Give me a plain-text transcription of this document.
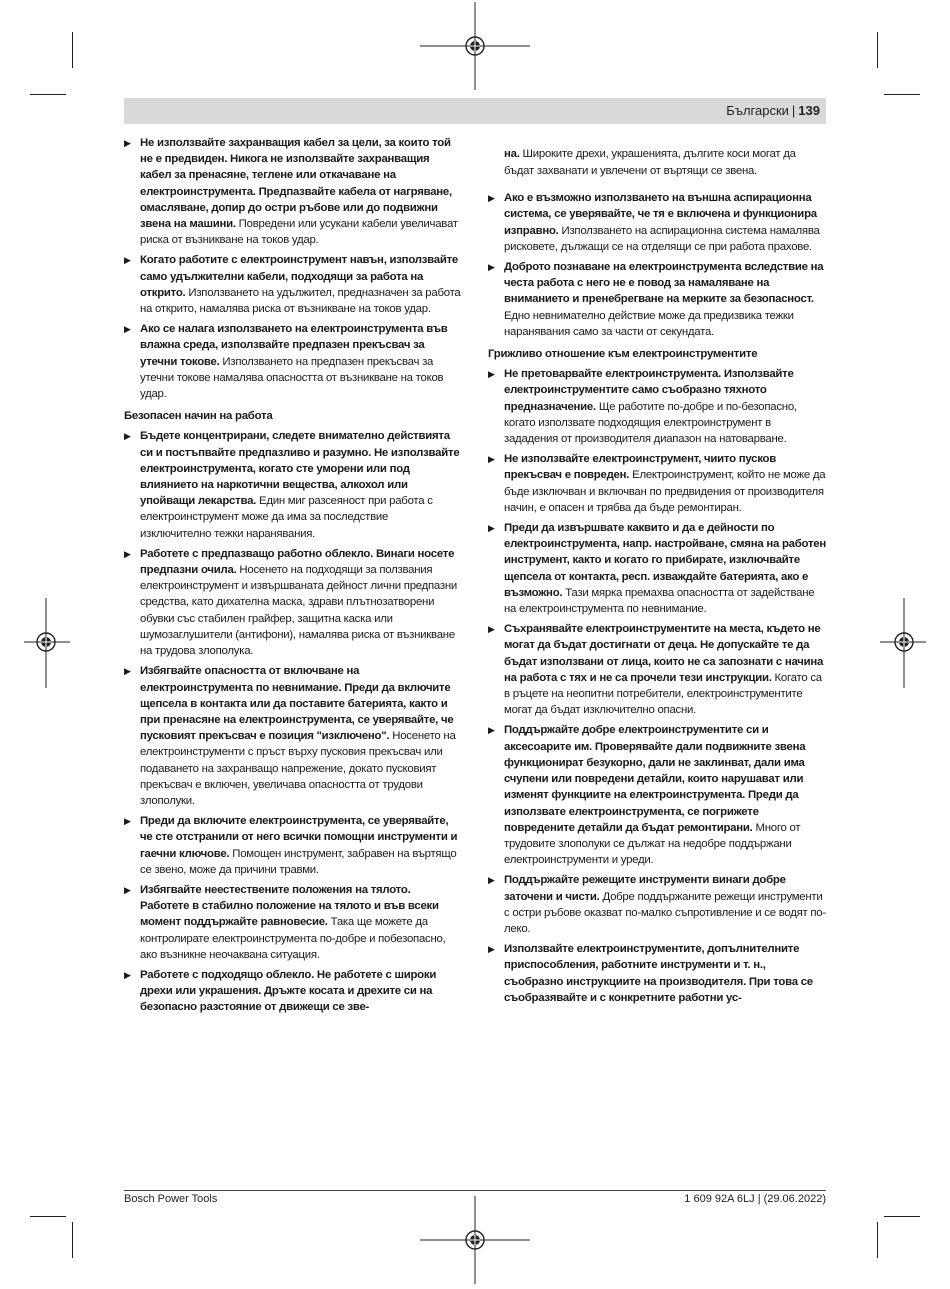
Български | 139
▶ Не използвайте захранващия кабел за цели, за които той не е предвиден. Никога не използвайте захранващия кабел за пренасяне, теглене или откачаване на електроинструмента. Предпазвайте кабела от нагряване, омасляване, допир до остри ръбове или до подвижни звена на машини. Повредени или усукани кабели увеличават риска от възникване на токов удар.

▶ Когато работите с електроинструмент навън, използвайте само удължителни кабели, подходящи за работа на открито. Използването на удължител, предназначен за работа на открито, намалява риска от възникване на токов удар.

▶ Ако се налага използването на електроинструмента във влажна среда, използвайте предпазен прекъсвач за утечни токове. Използването на предпазен прекъсвач за утечни токове намалява опасността от възникване на токов удар.

Безопасен начин на работа
▶ Бъдете концентрирани, следете внимателно действията си и постъпвайте предпазливо и разумно. Не използвайте електроинструмента, когато сте уморени или под влиянието на наркотични вещества, алкохол или упойващи лекарства. Един миг разсеяност при работа с електроинструмент може да има за последствие изключително тежки наранявания.

▶ Работете с предпазващо работно облекло. Винаги носете предпазни очила. Носенето на подходящи за ползвания електроинструмент и извършваната дейност лични предпазни средства, като дихателна маска, здрави плътнозатворени обувки със стабилен грайфер, защитна каска или шумозаглушители (антифони), намалява риска от възникване на трудова злополука.

▶ Избягвайте опасността от включване на електроинструмента по невнимание. Преди да включите щепсела в контакта или да поставите батерията, както и при пренасяне на електроинструмента, се уверявайте, че пусковият прекъсвач е позиция "изключено". Носенето на електроинструменти с пръст върху пусковия прекъсвач или подаването на захранващо напрежение, докато пусковият прекъсвач е включен, увеличава опасността от трудови злополуки.

▶ Преди да включите електроинструмента, се уверявайте, че сте отстранили от него всички помощни инструменти и гаечни ключове. Помощен инструмент, забравен на въртящо се звено, може да причини травми.

▶ Избягвайте неестествените положения на тялото. Работете в стабилно положение на тялото и във всеки момент поддържайте равновесие. Така ще можете да контролирате електроинструмента по-добре и побезопасно, ако възникне неочаквана ситуация.

▶ Работете с подходящо облекло. Не работете с широки дрехи или украшения. Дръжте косата и дрехите си на безопасно разстояние от движещи се зве-

на. Широките дрехи, украшенията, дългите коси могат да бъдат захванати и увлечени от въртящи се звена.

▶ Ако е възможно използването на външна аспирационна система, се уверявайте, че тя е включена и функционира изправно. Използването на аспирационна система намалява рисковете, дължащи се на отделящи се при работа прахове.

▶ Доброто познаване на електроинструмента вследствие на честа работа с него не е повод за намаляване на вниманието и пренебрегване на мерките за безопасност. Едно невнимателно действие може да предизвика тежки наранявания само за части от секундата.

Грижливо отношение към електроинструментите
▶ Не претоварвайте електроинструмента. Използвайте електроинструментите само съобразно тяхното предназначение. Ще работите по-добре и по-безопасно, когато използвате подходящия електроинструмент в зададения от производителя диапазон на натоварване.

▶ Не използвайте електроинструмент, чиито пусков прекъсвач е повреден. Електроинструмент, който не може да бъде изключван и включван по предвидения от производителя начин, е опасен и трябва да бъде ремонтиран.

▶ Преди да извършвате каквито и да е дейности по електроинструмента, напр. настройване, смяна на работен инструмент, както и когато го прибирате, изключвайте щепсела от контакта, респ. изваждайте батерията, ако е възможно. Тази мярка премахва опасността от задействане на електроинструмента по невнимание.

▶ Съхранявайте електроинструментите на места, където не могат да бъдат достигнати от деца. Не допускайте те да бъдат използвани от лица, които не са запознати с начина на работа с тях и не са прочели тези инструкции. Когато са в ръцете на неопитни потребители, електроинструментите могат да бъдат изключително опасни.

▶ Поддържайте добре електроинструментите си и аксесоарите им. Проверявайте дали подвижните звена функционират безукорно, дали не заклинват, дали има счупени или повредени детайли, които нарушават или изменят функциите на електроинструмента. Преди да използвате електроинструмента, се погрижете повредените детайли да бъдат ремонтирани. Много от трудовите злополуки се дължат на недобре поддържани електроинструменти и уреди.

▶ Поддържайте режещите инструменти винаги добре заточени и чисти. Добре поддържаните режещи инструменти с остри ръбове оказват по-малко съпротивление и се водят по-леко.

▶ Използвайте електроинструментите, допълнителните приспособления, работните инструменти и т. н., съобразно инструкциите на производителя. При това се съобразявайте и с конкретните работни ус-

Bosch Power Tools	1 609 92A 6LJ | (29.06.2022)
